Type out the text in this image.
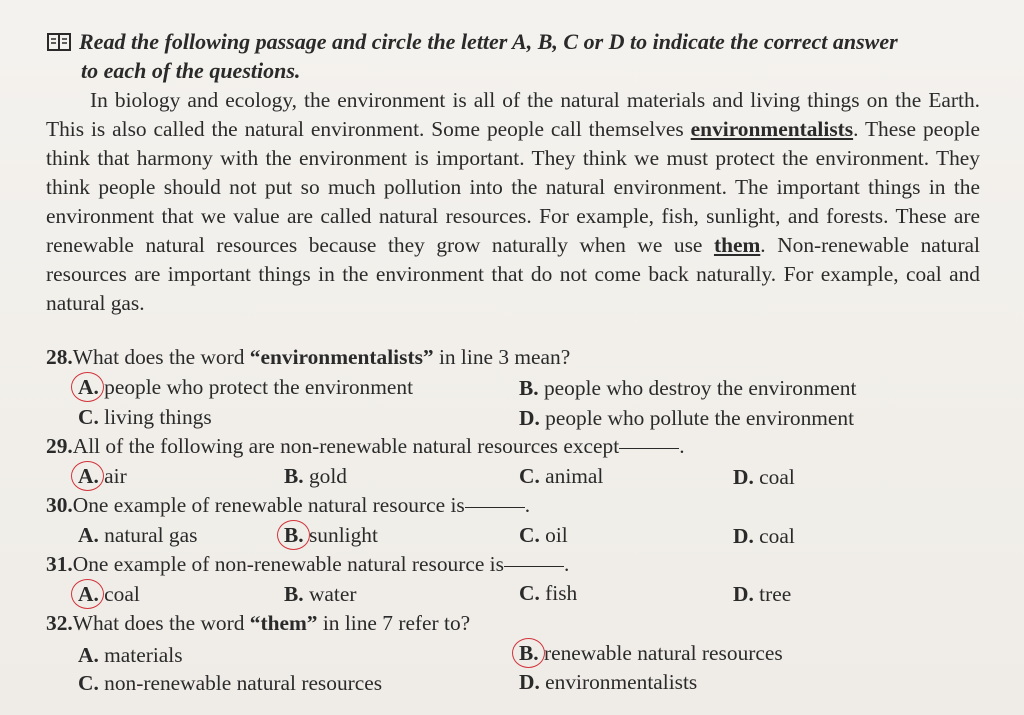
Read the following passage and circle the letter A, B, C or D to indicate the correct answer
to each of the questions.
In biology and ecology, the environment is all of the natural materials and living things on the Earth. This is also called the natural environment. Some people call themselves environmentalists. These people think that harmony with the environment is important. They think we must protect the environment. They think people should not put so much pollution into the natural environment. The important things in the environment that we value are called natural resources. For example, fish, sunlight, and forests. These are renewable natural resources because they grow naturally when we use them. Non-renewable natural resources are important things in the environment that do not come back naturally. For example, coal and natural gas.
28.What does the word “environmentalists” in line 3 mean?
A. people who protect the environment	B. people who destroy the environment
C. living things	D. people who pollute the environment
29.All of the following are non-renewable natural resources except	.
A. air	B. gold	C. animal	D. coal
30.One example of renewable natural resource is	.
A. natural gas	B. sunlight	C. oil	D. coal
31.One example of non-renewable natural resource is	.
A. coal	B. water	C. fish	D. tree
32.What does the word “them” in line 7 refer to?
A. materials	B. renewable natural resources
C. non-renewable natural resources	D. environmentalists
